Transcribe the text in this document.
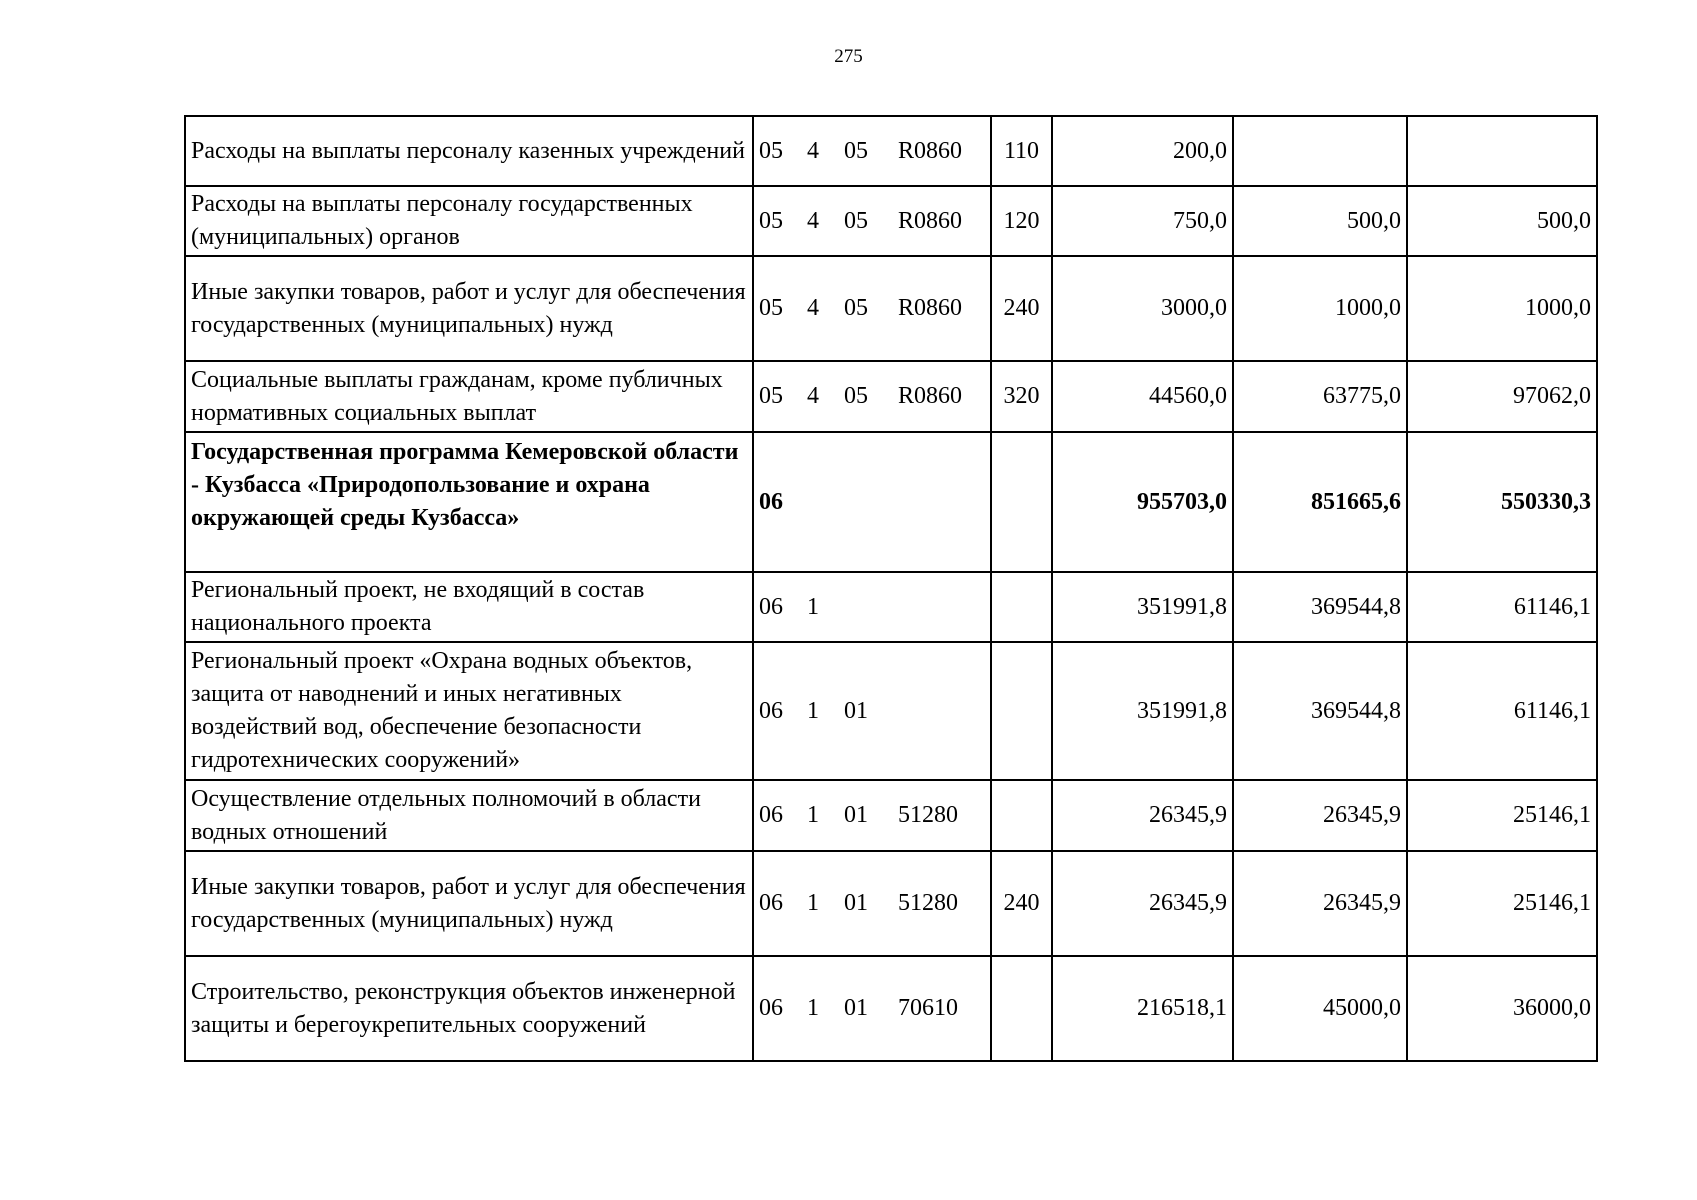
275
Расходы на выплаты персоналу казенных учреждений	05 4 05 R0860	110	200,0		
Расходы на выплаты персоналу государственных (муниципальных) органов	05 4 05 R0860	120	750,0	500,0	500,0
Иные закупки товаров, работ и услуг для обеспечения государственных (муниципальных) нужд	05 4 05 R0860	240	3000,0	1000,0	1000,0
Социальные выплаты гражданам, кроме публичных нормативных социальных выплат	05 4 05 R0860	320	44560,0	63775,0	97062,0
Государственная программа Кемеровской области - Кузбасса «Природопользование и охрана окружающей среды Кузбасса»	06		955703,0	851665,6	550330,3
Региональный проект, не входящий в состав национального проекта	06 1		351991,8	369544,8	61146,1
Региональный проект «Охрана водных объектов, защита от наводнений и иных негативных воздействий вод, обеспечение безопасности гидротехнических сооружений»	06 1 01		351991,8	369544,8	61146,1
Осуществление отдельных полномочий в области водных отношений	06 1 01 51280		26345,9	26345,9	25146,1
Иные закупки товаров, работ и услуг для обеспечения государственных (муниципальных) нужд	06 1 01 51280	240	26345,9	26345,9	25146,1
Строительство, реконструкция объектов инженерной защиты и берегоукрепительных сооружений	06 1 01 70610		216518,1	45000,0	36000,0
